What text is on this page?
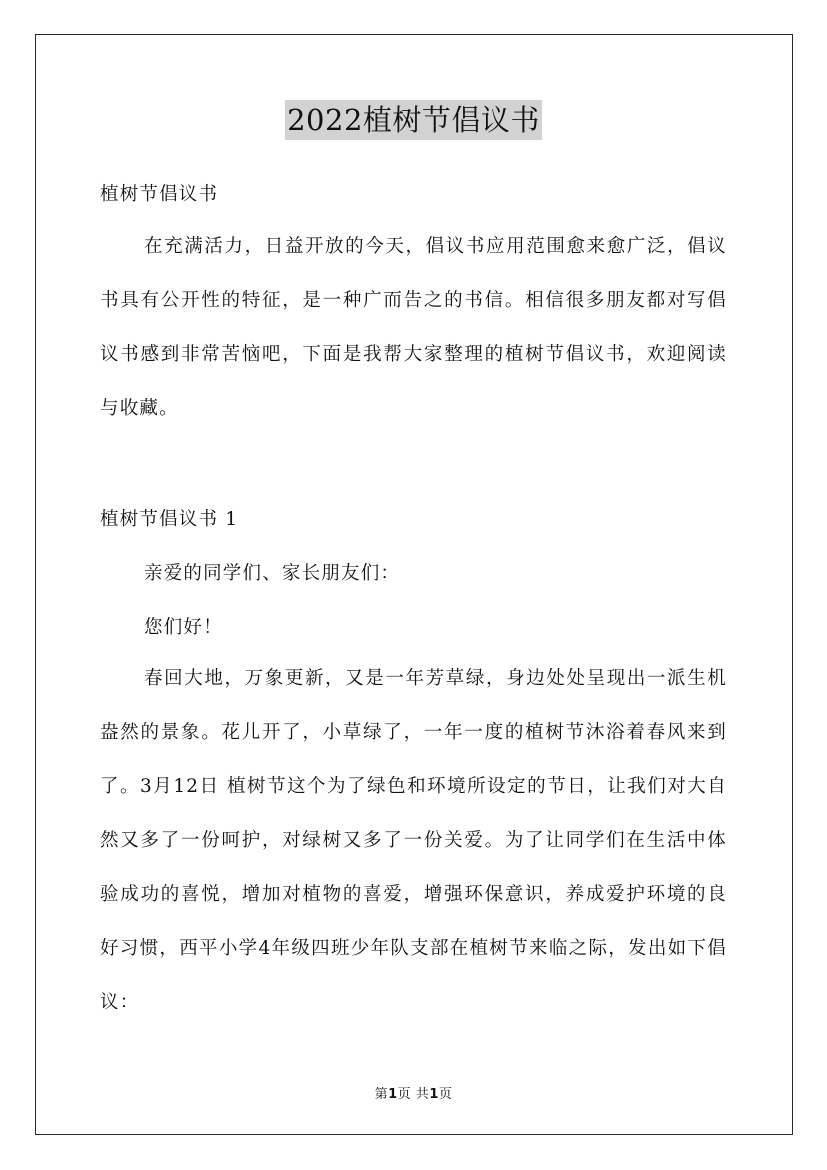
2022植树节倡议书
植树节倡议书

在充满活力，日益开放的今天，倡议书应用范围愈来愈广泛，倡议书具有公开性的特征，是一种广而告之的书信。相信很多朋友都对写倡议书感到非常苦恼吧，下面是我帮大家整理的植树节倡议书，欢迎阅读与收藏。

植树节倡议书 1
亲爱的同学们、家长朋友们：
您们好！

春回大地，万象更新，又是一年芳草绿，身边处处呈现出一派生机盎然的景象。花儿开了，小草绿了，一年一度的植树节沐浴着春风来到了。3月12日 植树节这个为了绿色和环境所设定的节日，让我们对大自然又多了一份呵护，对绿树又多了一份关爱。为了让同学们在生活中体验成功的喜悦，增加对植物的喜爱，增强环保意识，养成爱护环境的良好习惯，西平小学4年级四班少年队支部在植树节来临之际，发出如下倡议：

第1页 共1页
